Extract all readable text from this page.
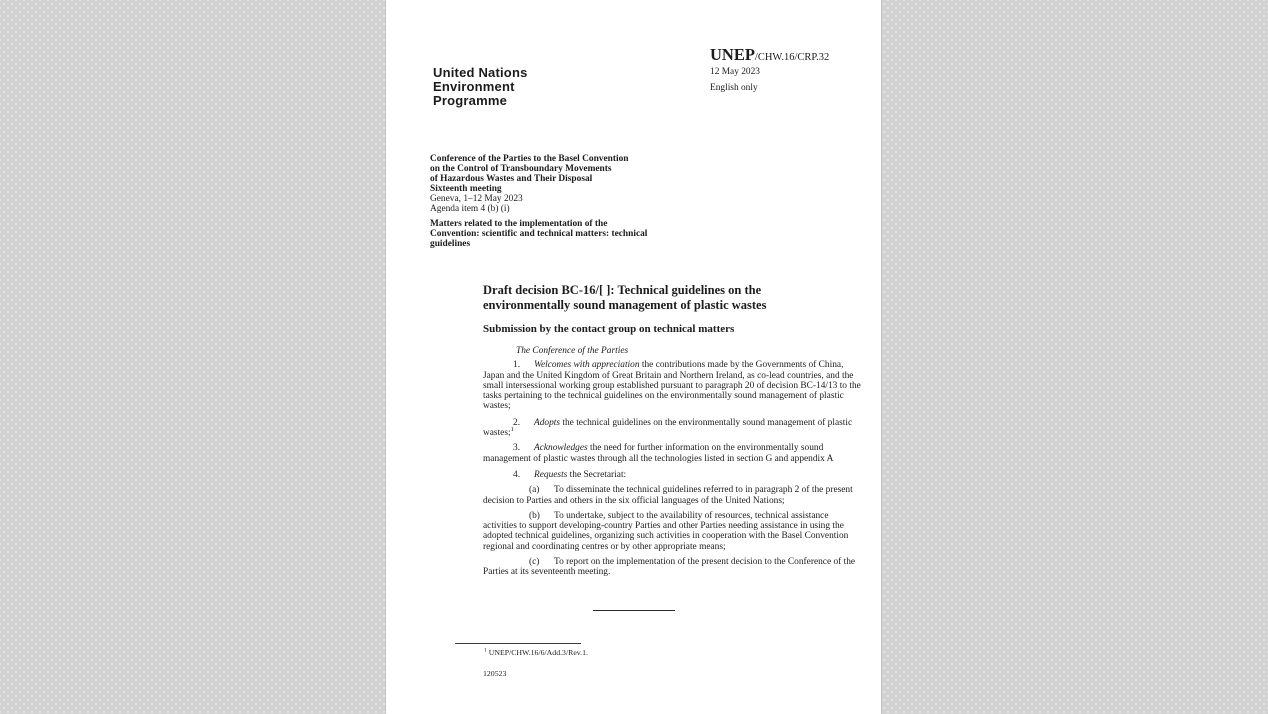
United Nations
Environment
Programme
UNEP/CHW.16/CRP.32
12 May 2023
English only
Conference of the Parties to the Basel Convention
on the Control of Transboundary Movements
of Hazardous Wastes and Their Disposal
Sixteenth meeting
Geneva, 1–12 May 2023
Agenda item 4 (b) (i)
Matters related to the implementation of the
Convention: scientific and technical matters: technical
guidelines
Draft decision BC-16/[ ]: Technical guidelines on the
environmentally sound management of plastic wastes
Submission by the contact group on technical matters
The Conference of the Parties

1. Welcomes with appreciation the contributions made by the Governments of China, Japan and the United Kingdom of Great Britain and Northern Ireland, as co-lead countries, and the small intersessional working group established pursuant to paragraph 20 of decision BC-14/13 to the tasks pertaining to the technical guidelines on the environmentally sound management of plastic wastes;

2. Adopts the technical guidelines on the environmentally sound management of plastic wastes;$^1$

3. Acknowledges the need for further information on the environmentally sound management of plastic wastes through all the technologies listed in section G and appendix A

4. Requests the Secretariat:

(a) To disseminate the technical guidelines referred to in paragraph 2 of the present decision to Parties and others in the six official languages of the United Nations;

(b) To undertake, subject to the availability of resources, technical assistance activities to support developing-country Parties and other Parties needing assistance in using the adopted technical guidelines, organizing such activities in cooperation with the Basel Convention regional and coordinating centres or by other appropriate means;

(c) To report on the implementation of the present decision to the Conference of the Parties at its seventeenth meeting.

$^1$ UNEP/CHW.16/6/Add.3/Rev.1.
120523
